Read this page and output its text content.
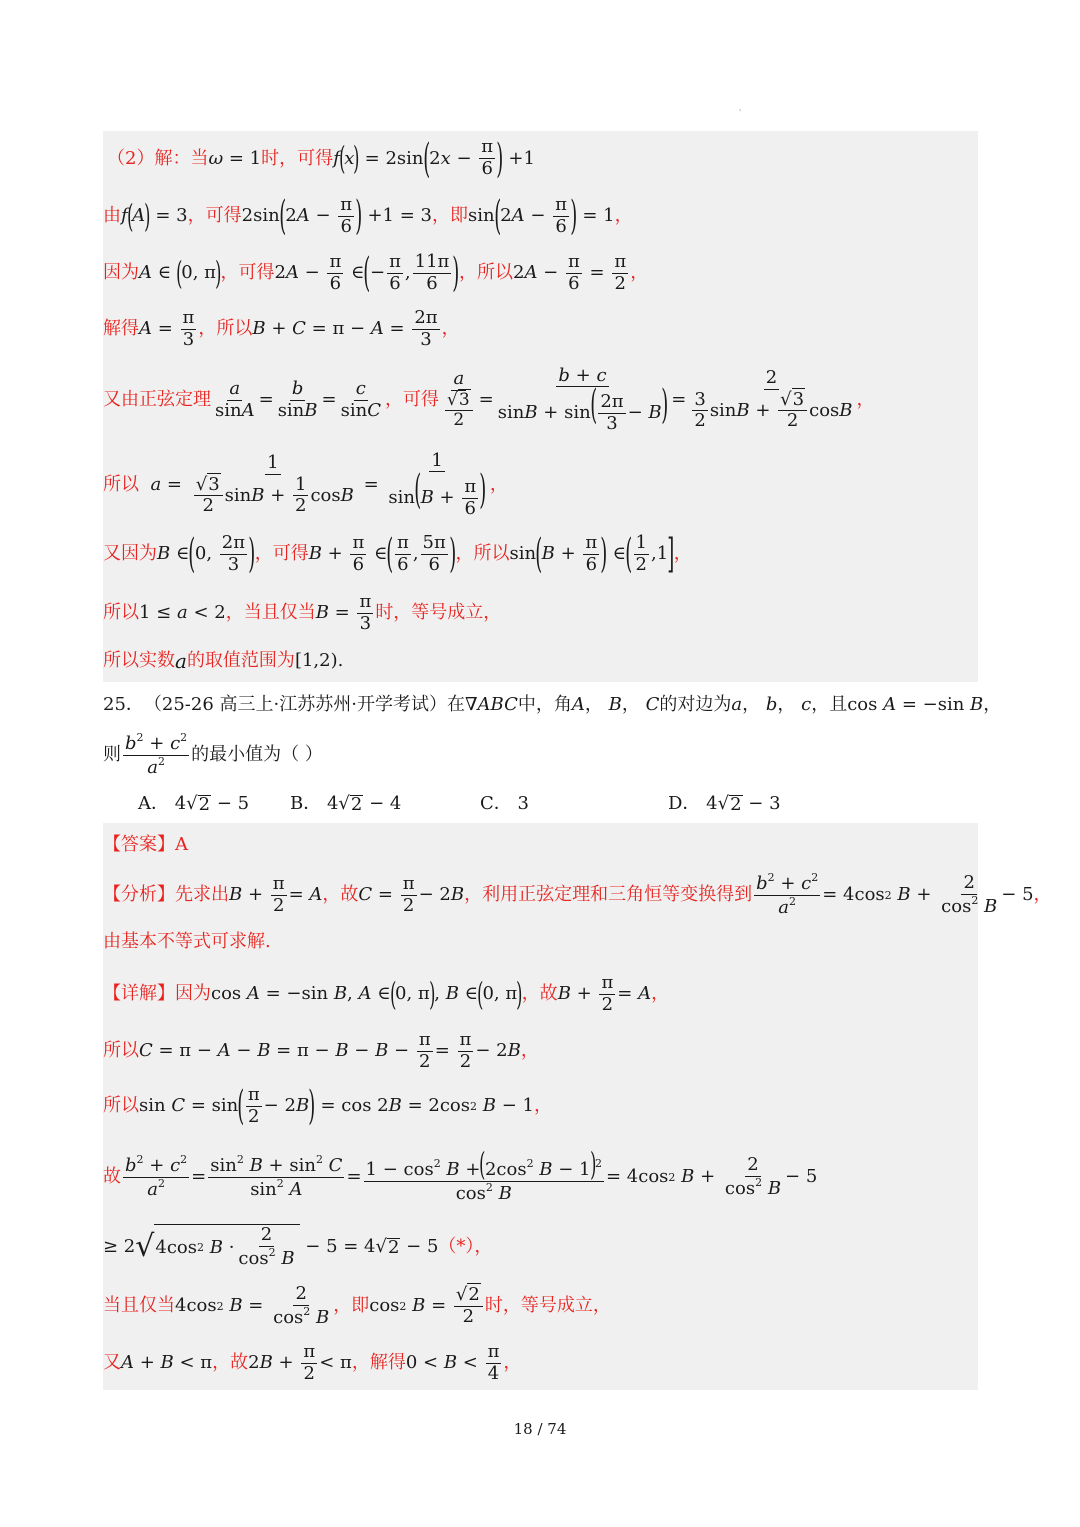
'
（2）解：当 ω = 1 时，可得 f ( x ) = 2sin ( 2 $x - \frac{\pi}{6}$ ) +1
由 f ( A ) = 3 ，可得 2sin ( 2 $A - \frac{\pi}{6}$ ) +1 = 3 ，即 sin ( 2 $A - \frac{\pi}{6}$ ) = 1 ，
因为 A ∈ ( 0, π ) ，可得 2 $A - \frac{\pi}{6}$ ∈ ( − $\frac{\pi}{6}$ , $\frac{11\pi}{6}$ ) ，所以 2 $A - \frac{\pi}{6} = \frac{\pi}{2}$ ，
解得 $A = \frac{\pi}{3}$ ，所以 $B + C = \pi - A = \frac{2\pi}{3}$ ，
又由正弦定理 $\frac{a}{\sin A} = \frac{b}{\sin B} = \frac{c}{\sin C}$ ，可得 $\frac{a}{\frac{√3}{2}} = \frac{b + c}{\sin B + \sin( \frac{2\pi}{3} - B)} = \frac{2}{\frac{3}{2} \sin B + \frac{√3}{2} \cos B}$ ，
所以
$a = \frac{1}{\frac{√3}{2} \sin B + \frac{1}{2} \cos B} = \frac{1}{\sin(B + \frac{\pi}{6} )}$ ，
又因为 B ∈ ( 0, $\frac{2\pi}{3}$ ) ，可得 $B + \frac{\pi}{6}$ ∈ ( $\frac{\pi}{6}$ , $\frac{5\pi}{6}$ ) ，所以 sin ( $B + \frac{\pi}{6}$ ) ∈ ( $\frac{1}{2} ,1$ ] ，
所以 1 ≤ a < 2 ，当且仅当 $B = \frac{\pi}{3}$ 时，等号成立，
所以实数 a 的取值范围为 [1,2) .
25． （25-26 高三上·江苏苏州·开学考试） 在 ∇ ABC 中，角 A ， B ， C 的对边为 a ， b ， c ，且 cos A = −sin B ，
则 $\frac{b^2 + c^2}{a^2}$ 的最小值为（ ）
A． 4√ 2 − 5 B． 4√ 2 − 4	C．
3	D． 4√ 2 − 3
【答案】 A
【分析】 先求出 $B + \frac{\pi}{2} = A$ ，故 $C = \frac{\pi}{2} - 2$ B ，利用正弦定理和三角恒等变换得到 $\frac{b^2 + c^2}{a^2} = 4\cos$ 2
$B + \frac{2}{\cos^2 B} - 5$ ，
由基本不等式可求解.
【详解】 因为 cos A = −sin B , A ∈ ( 0, π ) , B ∈ ( 0, π ) ，故 $B + \frac{\pi}{2} = A$ ，
所以 $C = \pi - A - B = \pi - B - B - \frac{\pi}{2} = \frac{\pi}{2} - 2$ B ，
所以 sin C = sin ( $\frac{\pi}{2} - 2$ B ) = cos 2 B = 2cos 2
B − 1 ，
故 $\frac{b^2 + c^2}{a^2} = \frac{\sin^2 B + \sin^2 C}{\sin^2 A} = \frac{1 - \cos^2 B +(2\cos^2 B - 1)^2}{\cos^2 B} = 4\cos$ 2
$B + \frac{2}{\cos^2 B} - 5$
≥ 2 √ 4cos 2
$B \cdot \frac{2}{\cos^2 B} - 5 = 4√$ 2 − 5 （*），
当且仅当 4cos 2
$B = \frac{2}{\cos^2 B}$ ，即 cos 2
$B = \frac{√2}{2}$ 时，等号成立，
又 A + B < π ，故 2 $B + \frac{\pi}{2} < \pi$ ，解得 $0 < B < \frac{\pi}{4}$ ，
18 / 74
